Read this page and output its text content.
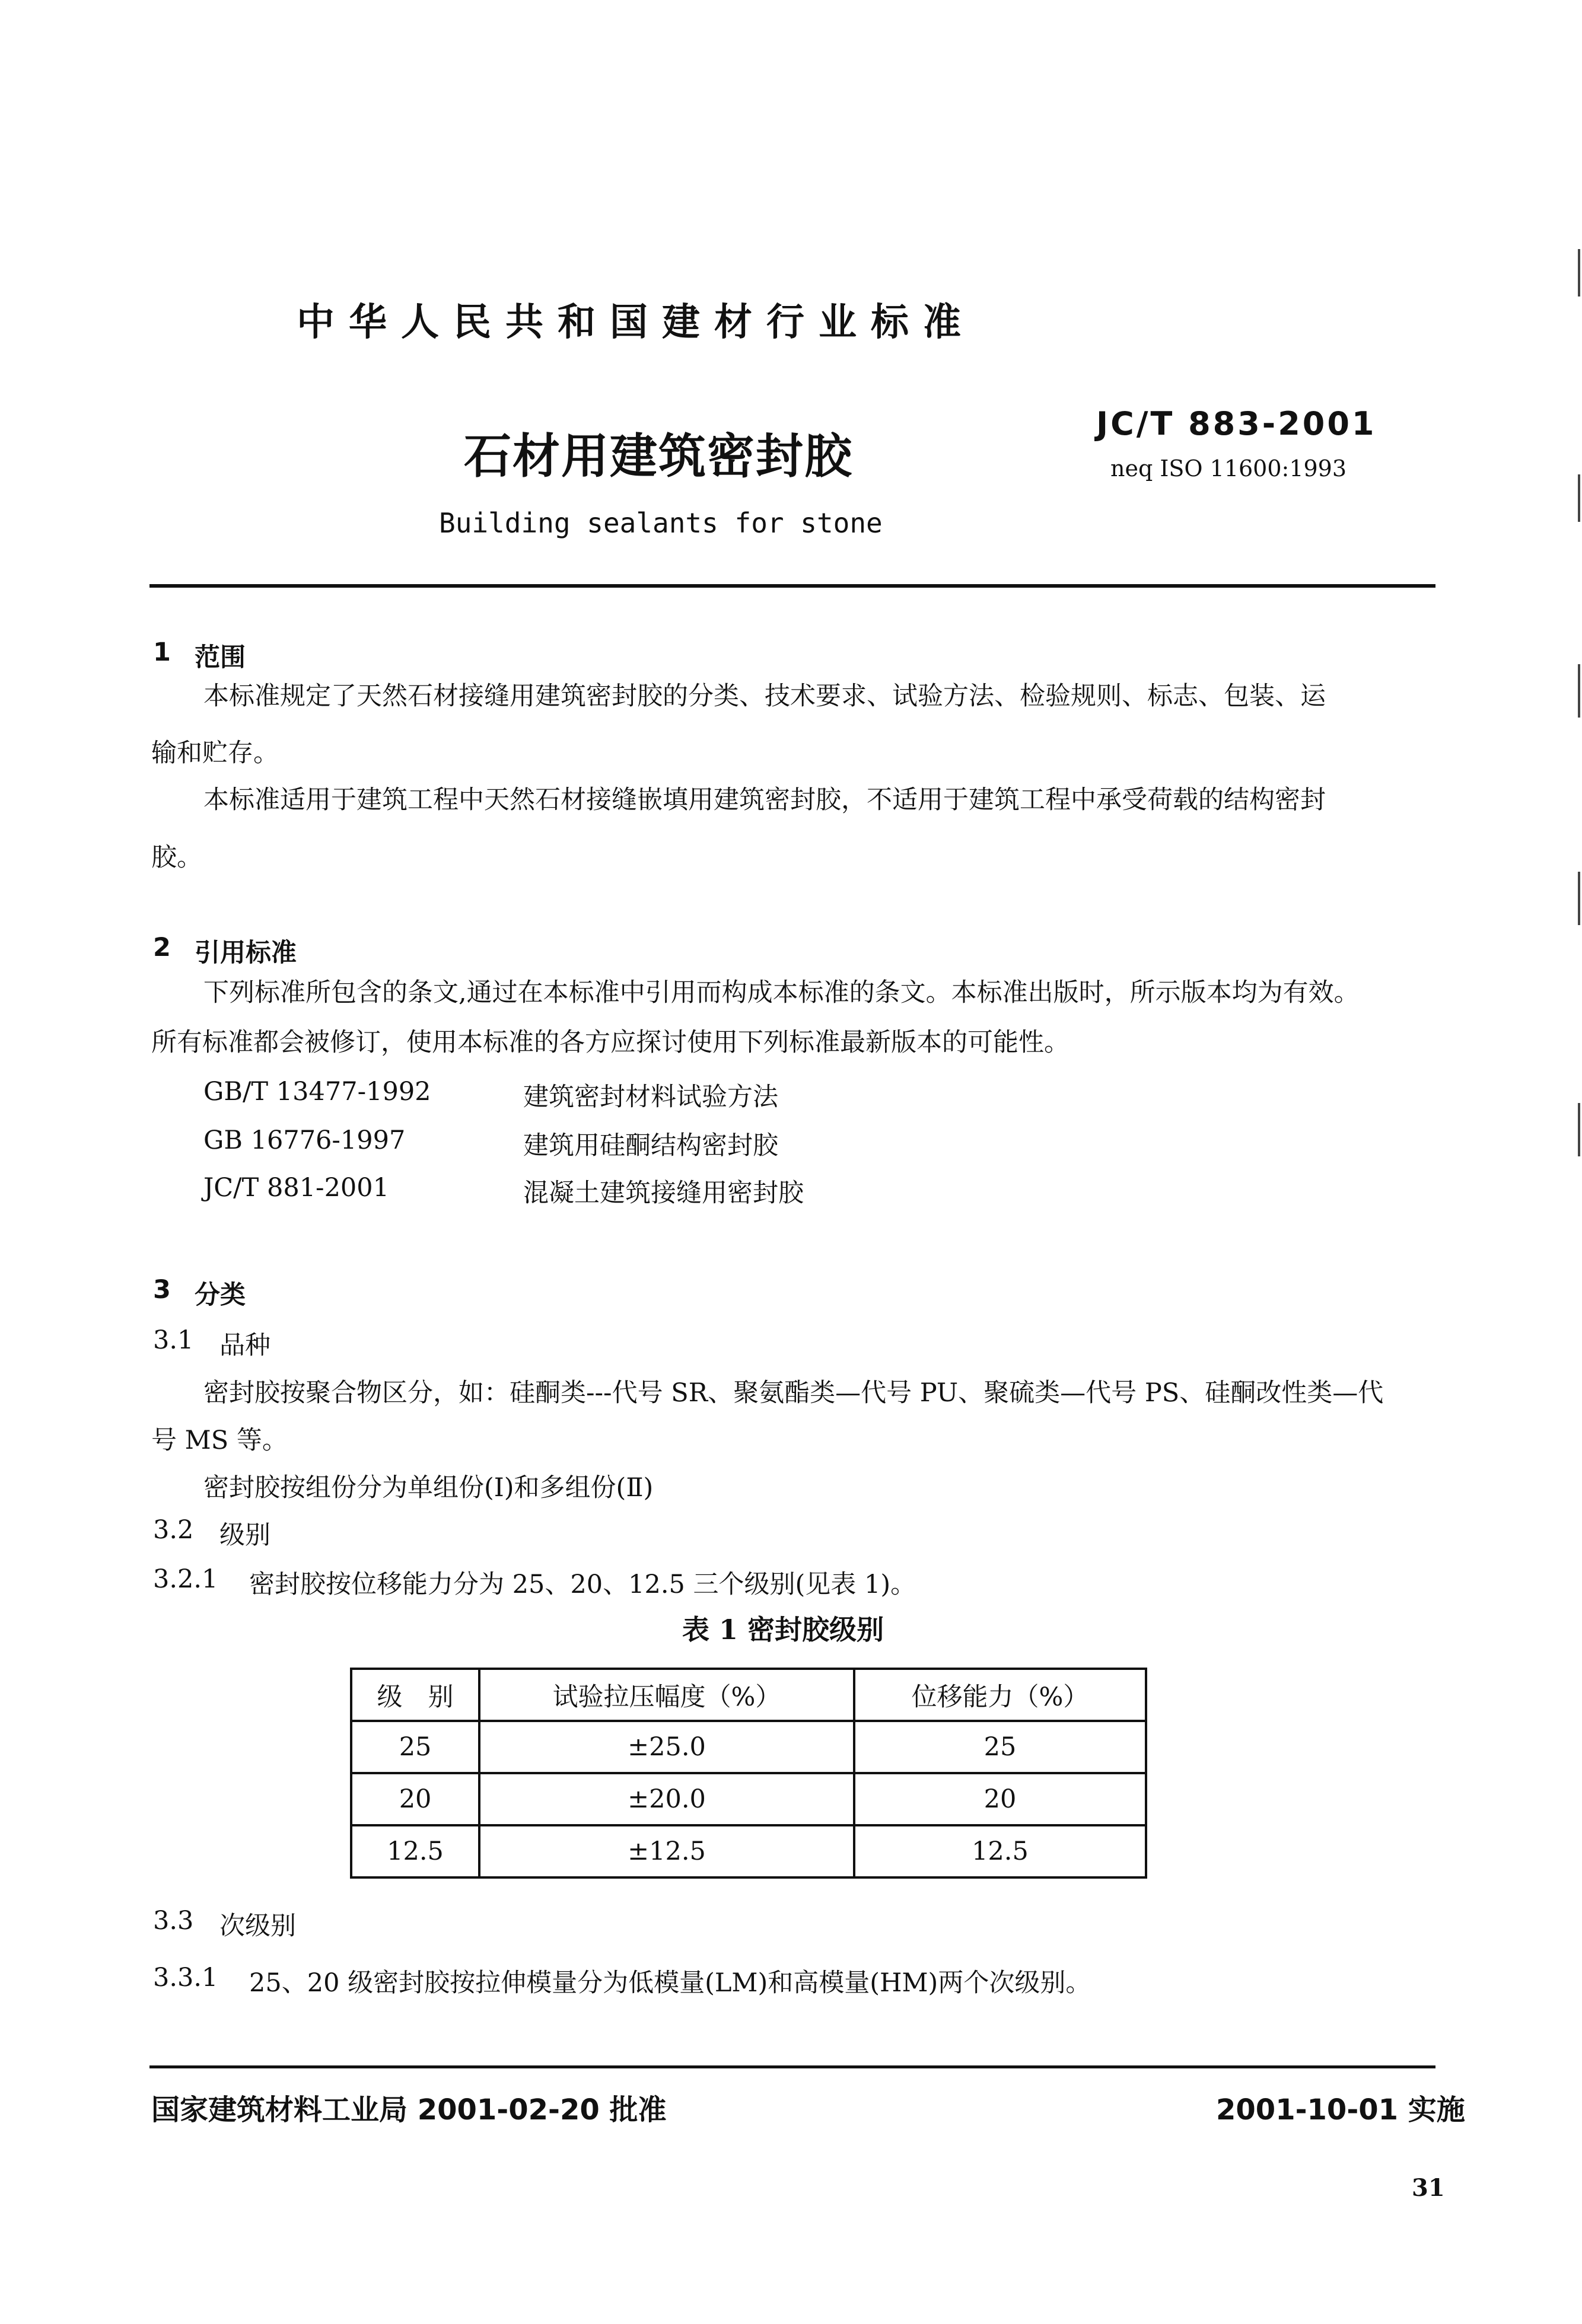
中华人民共和国建材行业标准
石材用建筑密封胶
Building sealants for stone
JC/T 883-2001
neq ISO 11600:1993
1 范围
本标准规定了天然石材接缝用建筑密封胶的分类、技术要求、试验方法、检验规则、标志、包装、运
输和贮存。
本标准适用于建筑工程中天然石材接缝嵌填用建筑密封胶，不适用于建筑工程中承受荷载的结构密封
胶。
2 引用标准
下列标准所包含的条文,通过在本标准中引用而构成本标准的条文。本标准出版时，所示版本均为有效。
所有标准都会被修订，使用本标准的各方应探讨使用下列标准最新版本的可能性。
GB/T 13477-1992	建筑密封材料试验方法
GB 16776-1997	建筑用硅酮结构密封胶
JC/T 881-2001	混凝土建筑接缝用密封胶
3 分类
3.1 品种
密封胶按聚合物区分，如：硅酮类---代号 SR、聚氨酯类—代号 PU、聚硫类—代号 PS、硅酮改性类—代
号 MS 等。
密封胶按组份分为单组份(Ⅰ)和多组份(Ⅱ)
3.2 级别
3.2.1 密封胶按位移能力分为 25、20、12.5 三个级别(见表 1)。
表 1 密封胶级别
级　别	试验拉压幅度（%）	位移能力（%）
25	±25.0	25
20	±20.0	20
12.5	±12.5	12.5
3.3 次级别
3.3.1 25、20 级密封胶按拉伸模量分为低模量(LM)和高模量(HM)两个次级别。
国家建筑材料工业局 2001-02-20 批准	2001-10-01 实施
31
